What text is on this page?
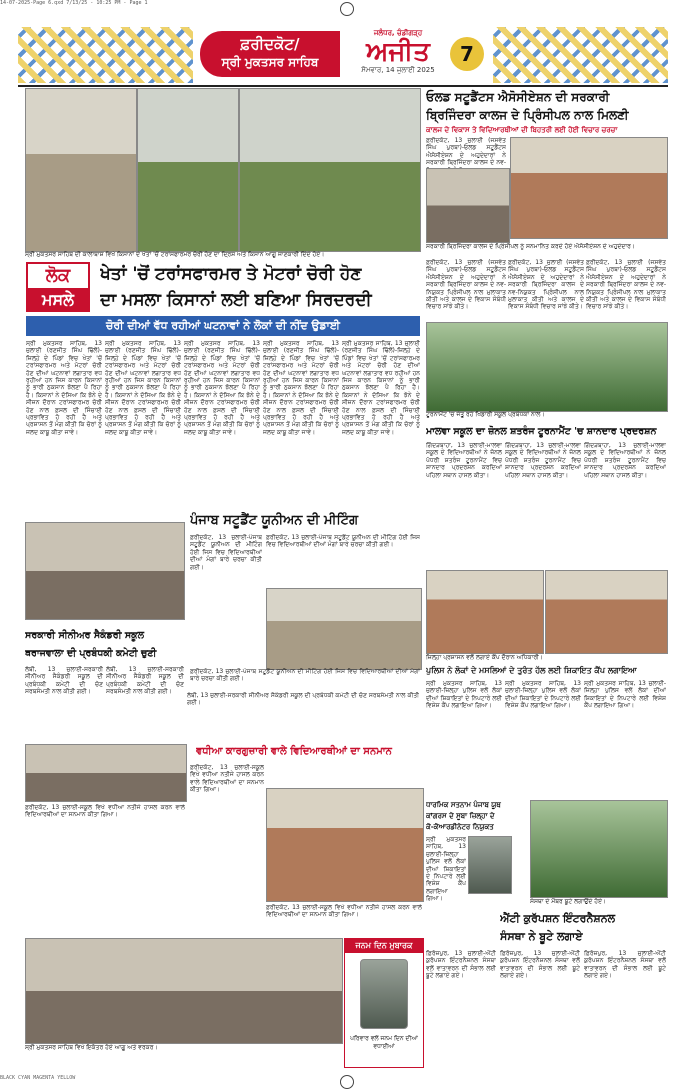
14-07-2025-Page 6.qxd 7/13/25 - 10:25 PM - Page 1
ਫ਼ਰੀਦਕੋਟ/
ਸ੍ਰੀ ਮੁਕਤਸਰ ਸਾਹਿਬ
ਜਲੰਧਰ, ਚੰਡੀਗੜ੍ਹ
ਅਜੀਤ
ਸੋਮਵਾਰ, 14 ਜੁਲਾਈ 2025
7
ਸ੍ਰੀ ਮੁਕਤਸਰ ਸਾਹਿਬ ਦੀ ਕਾਲਾਬਾਸ਼ ਵਿਖੇ ਕਿਸਾਨਾਂ ਦੇ ਖੇਤਾਂ 'ਚੋਂ ਟਰਾਂਸਫਾਰਮਰ ਚੋਰੀ ਹੋਣ ਦਾ ਦ੍ਰਿਸ਼ ਅਤੇ ਕਿਸਾਨ ਆਗੂ ਜਾਣਕਾਰੀ ਦਿੰਦੇ ਹੋਏ।
ਲੋਕ
ਮਸਲੇ
ਖੇਤਾਂ 'ਚੋਂ ਟਰਾਂਸਫਾਰਮਰ ਤੇ ਮੋਟਰਾਂ ਚੋਰੀ ਹੋਣ
ਦਾ ਮਸਲਾ ਕਿਸਾਨਾਂ ਲਈ ਬਣਿਆ ਸਿਰਦਰਦੀ
ਚੋਰੀ ਦੀਆਂ ਵੱਧ ਰਹੀਆਂ ਘਟਨਾਵਾਂ ਨੇ ਲੋਕਾਂ ਦੀ ਨੀਂਦ ਉਡਾਈ
ਸ੍ਰੀ ਮੁਕਤਸਰ ਸਾਹਿਬ, 13 ਜੁਲਾਈ (ਰਣਜੀਤ ਸਿੰਘ ਢਿੱਲੋਂ)-ਜ਼ਿਲ੍ਹੇ ਦੇ ਪਿੰਡਾਂ ਵਿਚ ਖੇਤਾਂ 'ਚੋਂ ਟਰਾਂਸਫਾਰਮਰ ਅਤੇ ਮੋਟਰਾਂ ਚੋਰੀ ਹੋਣ ਦੀਆਂ ਘਟਨਾਵਾਂ ਲਗਾਤਾਰ ਵਧ ਰਹੀਆਂ ਹਨ ਜਿਸ ਕਾਰਨ ਕਿਸਾਨਾਂ ਨੂੰ ਭਾਰੀ ਨੁਕਸਾਨ ਝੱਲਣਾ ਪੈ ਰਿਹਾ ਹੈ। ਕਿਸਾਨਾਂ ਨੇ ਦੱਸਿਆ ਕਿ ਝੋਨੇ ਦੇ ਸੀਜ਼ਨ ਦੌਰਾਨ ਟਰਾਂਸਫਾਰਮਰ ਚੋਰੀ ਹੋਣ ਨਾਲ ਫ਼ਸਲ ਦੀ ਸਿੰਚਾਈ ਪ੍ਰਭਾਵਿਤ ਹੋ ਰਹੀ ਹੈ ਅਤੇ ਪ੍ਰਸ਼ਾਸਨ ਤੋਂ ਮੰਗ ਕੀਤੀ ਕਿ ਚੋਰਾਂ ਨੂੰ ਜਲਦ ਕਾਬੂ ਕੀਤਾ ਜਾਵੇ।
ਸ੍ਰੀ ਮੁਕਤਸਰ ਸਾਹਿਬ, 13 ਜੁਲਾਈ (ਰਣਜੀਤ ਸਿੰਘ ਢਿੱਲੋਂ)-ਜ਼ਿਲ੍ਹੇ ਦੇ ਪਿੰਡਾਂ ਵਿਚ ਖੇਤਾਂ 'ਚੋਂ ਟਰਾਂਸਫਾਰਮਰ ਅਤੇ ਮੋਟਰਾਂ ਚੋਰੀ ਹੋਣ ਦੀਆਂ ਘਟਨਾਵਾਂ ਲਗਾਤਾਰ ਵਧ ਰਹੀਆਂ ਹਨ ਜਿਸ ਕਾਰਨ ਕਿਸਾਨਾਂ ਨੂੰ ਭਾਰੀ ਨੁਕਸਾਨ ਝੱਲਣਾ ਪੈ ਰਿਹਾ ਹੈ। ਕਿਸਾਨਾਂ ਨੇ ਦੱਸਿਆ ਕਿ ਝੋਨੇ ਦੇ ਸੀਜ਼ਨ ਦੌਰਾਨ ਟਰਾਂਸਫਾਰਮਰ ਚੋਰੀ ਹੋਣ ਨਾਲ ਫ਼ਸਲ ਦੀ ਸਿੰਚਾਈ ਪ੍ਰਭਾਵਿਤ ਹੋ ਰਹੀ ਹੈ ਅਤੇ ਪ੍ਰਸ਼ਾਸਨ ਤੋਂ ਮੰਗ ਕੀਤੀ ਕਿ ਚੋਰਾਂ ਨੂੰ ਜਲਦ ਕਾਬੂ ਕੀਤਾ ਜਾਵੇ।
ਸ੍ਰੀ ਮੁਕਤਸਰ ਸਾਹਿਬ, 13 ਜੁਲਾਈ (ਰਣਜੀਤ ਸਿੰਘ ਢਿੱਲੋਂ)-ਜ਼ਿਲ੍ਹੇ ਦੇ ਪਿੰਡਾਂ ਵਿਚ ਖੇਤਾਂ 'ਚੋਂ ਟਰਾਂਸਫਾਰਮਰ ਅਤੇ ਮੋਟਰਾਂ ਚੋਰੀ ਹੋਣ ਦੀਆਂ ਘਟਨਾਵਾਂ ਲਗਾਤਾਰ ਵਧ ਰਹੀਆਂ ਹਨ ਜਿਸ ਕਾਰਨ ਕਿਸਾਨਾਂ ਨੂੰ ਭਾਰੀ ਨੁਕਸਾਨ ਝੱਲਣਾ ਪੈ ਰਿਹਾ ਹੈ। ਕਿਸਾਨਾਂ ਨੇ ਦੱਸਿਆ ਕਿ ਝੋਨੇ ਦੇ ਸੀਜ਼ਨ ਦੌਰਾਨ ਟਰਾਂਸਫਾਰਮਰ ਚੋਰੀ ਹੋਣ ਨਾਲ ਫ਼ਸਲ ਦੀ ਸਿੰਚਾਈ ਪ੍ਰਭਾਵਿਤ ਹੋ ਰਹੀ ਹੈ ਅਤੇ ਪ੍ਰਸ਼ਾਸਨ ਤੋਂ ਮੰਗ ਕੀਤੀ ਕਿ ਚੋਰਾਂ ਨੂੰ ਜਲਦ ਕਾਬੂ ਕੀਤਾ ਜਾਵੇ।
ਸ੍ਰੀ ਮੁਕਤਸਰ ਸਾਹਿਬ, 13 ਜੁਲਾਈ (ਰਣਜੀਤ ਸਿੰਘ ਢਿੱਲੋਂ)-ਜ਼ਿਲ੍ਹੇ ਦੇ ਪਿੰਡਾਂ ਵਿਚ ਖੇਤਾਂ 'ਚੋਂ ਟਰਾਂਸਫਾਰਮਰ ਅਤੇ ਮੋਟਰਾਂ ਚੋਰੀ ਹੋਣ ਦੀਆਂ ਘਟਨਾਵਾਂ ਲਗਾਤਾਰ ਵਧ ਰਹੀਆਂ ਹਨ ਜਿਸ ਕਾਰਨ ਕਿਸਾਨਾਂ ਨੂੰ ਭਾਰੀ ਨੁਕਸਾਨ ਝੱਲਣਾ ਪੈ ਰਿਹਾ ਹੈ। ਕਿਸਾਨਾਂ ਨੇ ਦੱਸਿਆ ਕਿ ਝੋਨੇ ਦੇ ਸੀਜ਼ਨ ਦੌਰਾਨ ਟਰਾਂਸਫਾਰਮਰ ਚੋਰੀ ਹੋਣ ਨਾਲ ਫ਼ਸਲ ਦੀ ਸਿੰਚਾਈ ਪ੍ਰਭਾਵਿਤ ਹੋ ਰਹੀ ਹੈ ਅਤੇ ਪ੍ਰਸ਼ਾਸਨ ਤੋਂ ਮੰਗ ਕੀਤੀ ਕਿ ਚੋਰਾਂ ਨੂੰ ਜਲਦ ਕਾਬੂ ਕੀਤਾ ਜਾਵੇ।
ਸ੍ਰੀ ਮੁਕਤਸਰ ਸਾਹਿਬ, 13 ਜੁਲਾਈ (ਰਣਜੀਤ ਸਿੰਘ ਢਿੱਲੋਂ)-ਜ਼ਿਲ੍ਹੇ ਦੇ ਪਿੰਡਾਂ ਵਿਚ ਖੇਤਾਂ 'ਚੋਂ ਟਰਾਂਸਫਾਰਮਰ ਅਤੇ ਮੋਟਰਾਂ ਚੋਰੀ ਹੋਣ ਦੀਆਂ ਘਟਨਾਵਾਂ ਲਗਾਤਾਰ ਵਧ ਰਹੀਆਂ ਹਨ ਜਿਸ ਕਾਰਨ ਕਿਸਾਨਾਂ ਨੂੰ ਭਾਰੀ ਨੁਕਸਾਨ ਝੱਲਣਾ ਪੈ ਰਿਹਾ ਹੈ। ਕਿਸਾਨਾਂ ਨੇ ਦੱਸਿਆ ਕਿ ਝੋਨੇ ਦੇ ਸੀਜ਼ਨ ਦੌਰਾਨ ਟਰਾਂਸਫਾਰਮਰ ਚੋਰੀ ਹੋਣ ਨਾਲ ਫ਼ਸਲ ਦੀ ਸਿੰਚਾਈ ਪ੍ਰਭਾਵਿਤ ਹੋ ਰਹੀ ਹੈ ਅਤੇ ਪ੍ਰਸ਼ਾਸਨ ਤੋਂ ਮੰਗ ਕੀਤੀ ਕਿ ਚੋਰਾਂ ਨੂੰ ਜਲਦ ਕਾਬੂ ਕੀਤਾ ਜਾਵੇ।
ਓਲਡ ਸਟੂਡੈਂਟਸ ਐਸੋਸੀਏਸ਼ਨ ਦੀ ਸਰਕਾਰੀ
ਬ੍ਰਿਜਿੰਦਰਾ ਕਾਲਜ ਦੇ ਪ੍ਰਿੰਸੀਪਲ ਨਾਲ ਮਿਲਣੀ
ਕਾਲਜ ਦੇ ਵਿਕਾਸ ਤੇ ਵਿਦਿਆਰਥੀਆਂ ਦੀ ਬਿਹਤਰੀ ਲਈ ਹੋਈ ਵਿਚਾਰ ਚਰਚਾ
ਫ਼ਰੀਦਕੋਟ, 13 ਜੁਲਾਈ (ਜਸਵੰਤ ਸਿੰਘ ਪੁਰਬਾ)-ਓਲਡ ਸਟੂਡੈਂਟਸ ਐਸੋਸੀਏਸ਼ਨ ਦੇ ਅਹੁਦੇਦਾਰਾਂ ਨੇ ਸਰਕਾਰੀ ਬ੍ਰਿਜਿੰਦਰਾ ਕਾਲਜ ਦੇ ਨਵ-
ਸਰਕਾਰੀ ਬ੍ਰਿਜਿੰਦਰਾ ਕਾਲਜ ਦੇ ਪ੍ਰਿੰਸੀਪਲ ਨੂੰ ਸਨਮਾਨਿਤ ਕਰਦੇ ਹੋਏ ਐਸੋਸੀਏਸ਼ਨ ਦੇ ਅਹੁਦੇਦਾਰ।
ਫ਼ਰੀਦਕੋਟ, 13 ਜੁਲਾਈ (ਜਸਵੰਤ ਸਿੰਘ ਪੁਰਬਾ)-ਓਲਡ ਸਟੂਡੈਂਟਸ ਐਸੋਸੀਏਸ਼ਨ ਦੇ ਅਹੁਦੇਦਾਰਾਂ ਨੇ ਸਰਕਾਰੀ ਬ੍ਰਿਜਿੰਦਰਾ ਕਾਲਜ ਦੇ ਨਵ-ਨਿਯੁਕਤ ਪ੍ਰਿੰਸੀਪਲ ਨਾਲ ਮੁਲਾਕਾਤ ਕੀਤੀ ਅਤੇ ਕਾਲਜ ਦੇ ਵਿਕਾਸ ਸੰਬੰਧੀ ਵਿਚਾਰ ਸਾਂਝੇ ਕੀਤੇ।
ਫ਼ਰੀਦਕੋਟ, 13 ਜੁਲਾਈ (ਜਸਵੰਤ ਸਿੰਘ ਪੁਰਬਾ)-ਓਲਡ ਸਟੂਡੈਂਟਸ ਐਸੋਸੀਏਸ਼ਨ ਦੇ ਅਹੁਦੇਦਾਰਾਂ ਨੇ ਸਰਕਾਰੀ ਬ੍ਰਿਜਿੰਦਰਾ ਕਾਲਜ ਦੇ ਨਵ-ਨਿਯੁਕਤ ਪ੍ਰਿੰਸੀਪਲ ਨਾਲ ਮੁਲਾਕਾਤ ਕੀਤੀ ਅਤੇ ਕਾਲਜ ਦੇ ਵਿਕਾਸ ਸੰਬੰਧੀ ਵਿਚਾਰ ਸਾਂਝੇ ਕੀਤੇ।
ਫ਼ਰੀਦਕੋਟ, 13 ਜੁਲਾਈ (ਜਸਵੰਤ ਸਿੰਘ ਪੁਰਬਾ)-ਓਲਡ ਸਟੂਡੈਂਟਸ ਐਸੋਸੀਏਸ਼ਨ ਦੇ ਅਹੁਦੇਦਾਰਾਂ ਨੇ ਸਰਕਾਰੀ ਬ੍ਰਿਜਿੰਦਰਾ ਕਾਲਜ ਦੇ ਨਵ-ਨਿਯੁਕਤ ਪ੍ਰਿੰਸੀਪਲ ਨਾਲ ਮੁਲਾਕਾਤ ਕੀਤੀ ਅਤੇ ਕਾਲਜ ਦੇ ਵਿਕਾਸ ਸੰਬੰਧੀ ਵਿਚਾਰ ਸਾਂਝੇ ਕੀਤੇ।
ਟੂਰਨਾਮੈਂਟ 'ਚ ਜੇਤੂ ਰਹੇ ਖਿਡਾਰੀ ਸਕੂਲ ਪ੍ਰਬੰਧਕਾਂ ਨਾਲ।
ਮਾਲਵਾ ਸਕੂਲ ਦਾ ਜ਼ੋਨਲ ਸ਼ਤਰੰਜ ਟੂਰਨਾਮੈਂਟ 'ਚ ਸ਼ਾਨਦਾਰ ਪ੍ਰਦਰਸ਼ਨ
ਗਿੱਦੜਬਾਹਾ, 13 ਜੁਲਾਈ-ਮਾਲਵਾ ਸਕੂਲ ਦੇ ਵਿਦਿਆਰਥੀਆਂ ਨੇ ਜ਼ੋਨਲ ਪੱਧਰੀ ਸ਼ਤਰੰਜ ਟੂਰਨਾਮੈਂਟ ਵਿਚ ਸ਼ਾਨਦਾਰ ਪ੍ਰਦਰਸ਼ਨ ਕਰਦਿਆਂ ਪਹਿਲਾ ਸਥਾਨ ਹਾਸਲ ਕੀਤਾ।
ਗਿੱਦੜਬਾਹਾ, 13 ਜੁਲਾਈ-ਮਾਲਵਾ ਸਕੂਲ ਦੇ ਵਿਦਿਆਰਥੀਆਂ ਨੇ ਜ਼ੋਨਲ ਪੱਧਰੀ ਸ਼ਤਰੰਜ ਟੂਰਨਾਮੈਂਟ ਵਿਚ ਸ਼ਾਨਦਾਰ ਪ੍ਰਦਰਸ਼ਨ ਕਰਦਿਆਂ ਪਹਿਲਾ ਸਥਾਨ ਹਾਸਲ ਕੀਤਾ।
ਗਿੱਦੜਬਾਹਾ, 13 ਜੁਲਾਈ-ਮਾਲਵਾ ਸਕੂਲ ਦੇ ਵਿਦਿਆਰਥੀਆਂ ਨੇ ਜ਼ੋਨਲ ਪੱਧਰੀ ਸ਼ਤਰੰਜ ਟੂਰਨਾਮੈਂਟ ਵਿਚ ਸ਼ਾਨਦਾਰ ਪ੍ਰਦਰਸ਼ਨ ਕਰਦਿਆਂ ਪਹਿਲਾ ਸਥਾਨ ਹਾਸਲ ਕੀਤਾ।
ਪੰਜਾਬ ਸਟੂਡੈਂਟ ਯੂਨੀਅਨ ਦੀ ਮੀਟਿੰਗ
ਫ਼ਰੀਦਕੋਟ, 13 ਜੁਲਾਈ-ਪੰਜਾਬ ਸਟੂਡੈਂਟ ਯੂਨੀਅਨ ਦੀ ਮੀਟਿੰਗ ਹੋਈ ਜਿਸ ਵਿਚ ਵਿਦਿਆਰਥੀਆਂ ਦੀਆਂ ਮੰਗਾਂ ਬਾਰੇ ਚਰਚਾ ਕੀਤੀ ਗਈ।
ਫ਼ਰੀਦਕੋਟ, 13 ਜੁਲਾਈ-ਪੰਜਾਬ ਸਟੂਡੈਂਟ ਯੂਨੀਅਨ ਦੀ ਮੀਟਿੰਗ ਹੋਈ ਜਿਸ ਵਿਚ ਵਿਦਿਆਰਥੀਆਂ ਦੀਆਂ ਮੰਗਾਂ ਬਾਰੇ ਚਰਚਾ ਕੀਤੀ ਗਈ।
ਫ਼ਰੀਦਕੋਟ, 13 ਜੁਲਾਈ-ਪੰਜਾਬ ਸਟੂਡੈਂਟ ਯੂਨੀਅਨ ਦੀ ਮੀਟਿੰਗ ਹੋਈ ਜਿਸ ਵਿਚ ਵਿਦਿਆਰਥੀਆਂ ਦੀਆਂ ਮੰਗਾਂ ਬਾਰੇ ਚਰਚਾ ਕੀਤੀ ਗਈ।
ਸਰਕਾਰੀ ਸੀਨੀਅਰ ਸੈਕੰਡਰੀ ਸਕੂਲ
ਥਰਾਜਵਾਲਾ ਦੀ ਪ੍ਰਬੰਧਕੀ ਕਮੇਟੀ ਚੁਣੀ
ਲੰਬੀ, 13 ਜੁਲਾਈ-ਸਰਕਾਰੀ ਸੀਨੀਅਰ ਸੈਕੰਡਰੀ ਸਕੂਲ ਦੀ ਪ੍ਰਬੰਧਕੀ ਕਮੇਟੀ ਦੀ ਚੋਣ ਸਰਬਸੰਮਤੀ ਨਾਲ ਕੀਤੀ ਗਈ।
ਲੰਬੀ, 13 ਜੁਲਾਈ-ਸਰਕਾਰੀ ਸੀਨੀਅਰ ਸੈਕੰਡਰੀ ਸਕੂਲ ਦੀ ਪ੍ਰਬੰਧਕੀ ਕਮੇਟੀ ਦੀ ਚੋਣ ਸਰਬਸੰਮਤੀ ਨਾਲ ਕੀਤੀ ਗਈ।
ਲੰਬੀ, 13 ਜੁਲਾਈ-ਸਰਕਾਰੀ ਸੀਨੀਅਰ ਸੈਕੰਡਰੀ ਸਕੂਲ ਦੀ ਪ੍ਰਬੰਧਕੀ ਕਮੇਟੀ ਦੀ ਚੋਣ ਸਰਬਸੰਮਤੀ ਨਾਲ ਕੀਤੀ ਗਈ।
ਵਧੀਆ ਕਾਰਗੁਜ਼ਾਰੀ ਵਾਲੇ ਵਿਦਿਆਰਥੀਆਂ ਦਾ ਸਨਮਾਨ
ਫ਼ਰੀਦਕੋਟ, 13 ਜੁਲਾਈ-ਸਕੂਲ ਵਿਖੇ ਵਧੀਆ ਨਤੀਜੇ ਹਾਸਲ ਕਰਨ ਵਾਲੇ ਵਿਦਿਆਰਥੀਆਂ ਦਾ ਸਨਮਾਨ ਕੀਤਾ ਗਿਆ।
ਫ਼ਰੀਦਕੋਟ, 13 ਜੁਲਾਈ-ਸਕੂਲ ਵਿਖੇ ਵਧੀਆ ਨਤੀਜੇ ਹਾਸਲ ਕਰਨ ਵਾਲੇ ਵਿਦਿਆਰਥੀਆਂ ਦਾ ਸਨਮਾਨ ਕੀਤਾ ਗਿਆ।
ਫ਼ਰੀਦਕੋਟ, 13 ਜੁਲਾਈ-ਸਕੂਲ ਵਿਖੇ ਵਧੀਆ ਨਤੀਜੇ ਹਾਸਲ ਕਰਨ ਵਾਲੇ ਵਿਦਿਆਰਥੀਆਂ ਦਾ ਸਨਮਾਨ ਕੀਤਾ ਗਿਆ।
ਜ਼ਿਲ੍ਹਾ ਪ੍ਰਸ਼ਾਸਨ ਵਲੋਂ ਲਗਾਏ ਕੈਂਪ ਦੌਰਾਨ ਅਧਿਕਾਰੀ।
ਪੁਲਿਸ ਨੇ ਲੋਕਾਂ ਦੇ ਮਸਲਿਆਂ ਦੇ ਤੁਰੰਤ ਹੱਲ ਲਈ ਸ਼ਿਕਾਇਤ ਕੈਂਪ ਲਗਾਇਆ
ਸ੍ਰੀ ਮੁਕਤਸਰ ਸਾਹਿਬ, 13 ਜੁਲਾਈ-ਜ਼ਿਲ੍ਹਾ ਪੁਲਿਸ ਵਲੋਂ ਲੋਕਾਂ ਦੀਆਂ ਸ਼ਿਕਾਇਤਾਂ ਦੇ ਨਿਪਟਾਰੇ ਲਈ ਵਿਸ਼ੇਸ਼ ਕੈਂਪ ਲਗਾਇਆ ਗਿਆ।
ਸ੍ਰੀ ਮੁਕਤਸਰ ਸਾਹਿਬ, 13 ਜੁਲਾਈ-ਜ਼ਿਲ੍ਹਾ ਪੁਲਿਸ ਵਲੋਂ ਲੋਕਾਂ ਦੀਆਂ ਸ਼ਿਕਾਇਤਾਂ ਦੇ ਨਿਪਟਾਰੇ ਲਈ ਵਿਸ਼ੇਸ਼ ਕੈਂਪ ਲਗਾਇਆ ਗਿਆ।
ਸ੍ਰੀ ਮੁਕਤਸਰ ਸਾਹਿਬ, 13 ਜੁਲਾਈ-ਜ਼ਿਲ੍ਹਾ ਪੁਲਿਸ ਵਲੋਂ ਲੋਕਾਂ ਦੀਆਂ ਸ਼ਿਕਾਇਤਾਂ ਦੇ ਨਿਪਟਾਰੇ ਲਈ ਵਿਸ਼ੇਸ਼ ਕੈਂਪ ਲਗਾਇਆ ਗਿਆ।
ਧਾਰਮਿਕ ਸਤਨਾਮ ਪੰਜਾਬ ਯੂਥ
ਕਾਂਗਰਸ ਦੇ ਸੂਬਾ ਜ਼ਿਲ੍ਹਾ ਦੇ
ਕੋ-ਕੋਆਰਡੀਨੇਟਰ ਨਿਯੁਕਤ
ਸ੍ਰੀ ਮੁਕਤਸਰ ਸਾਹਿਬ, 13 ਜੁਲਾਈ-ਜ਼ਿਲ੍ਹਾ ਪੁਲਿਸ ਵਲੋਂ ਲੋਕਾਂ ਦੀਆਂ ਸ਼ਿਕਾਇਤਾਂ ਦੇ ਨਿਪਟਾਰੇ ਲਈ ਵਿਸ਼ੇਸ਼ ਕੈਂਪ ਲਗਾਇਆ ਗਿਆ।	ਸੰਸਥਾ ਦੇ ਮੈਂਬਰ ਬੂਟੇ ਲਗਾਉਂਦੇ ਹੋਏ।
ਐਂਟੀ ਕੁਰੱਪਸ਼ਨ ਇੰਟਰਨੈਸ਼ਨਲ
ਸੰਸਥਾ ਨੇ ਬੂਟੇ ਲਗਾਏ
ਫ਼ਿਰੋਜ਼ਪੁਰ, 13 ਜੁਲਾਈ-ਐਂਟੀ ਕੁਰੱਪਸ਼ਨ ਇੰਟਰਨੈਸ਼ਨਲ ਸੰਸਥਾ ਵਲੋਂ ਵਾਤਾਵਰਨ ਦੀ ਸੰਭਾਲ ਲਈ ਬੂਟੇ ਲਗਾਏ ਗਏ।
ਫ਼ਿਰੋਜ਼ਪੁਰ, 13 ਜੁਲਾਈ-ਐਂਟੀ ਕੁਰੱਪਸ਼ਨ ਇੰਟਰਨੈਸ਼ਨਲ ਸੰਸਥਾ ਵਲੋਂ ਵਾਤਾਵਰਨ ਦੀ ਸੰਭਾਲ ਲਈ ਬੂਟੇ ਲਗਾਏ ਗਏ।
ਸ੍ਰੀ ਮੁਕਤਸਰ ਸਾਹਿਬ ਵਿਖੇ ਇਕੱਤਰ ਹੋਏ ਆਗੂ ਅਤੇ ਵਰਕਰ।
ਜਨਮ ਦਿਨ ਮੁਬਾਰਕ
ਪਰਿਵਾਰ ਵਲੋਂ ਜਨਮ ਦਿਨ ਦੀਆਂ ਵਧਾਈਆਂ
ਫ਼ਿਰੋਜ਼ਪੁਰ, 13 ਜੁਲਾਈ-ਐਂਟੀ ਕੁਰੱਪਸ਼ਨ ਇੰਟਰਨੈਸ਼ਨਲ ਸੰਸਥਾ ਵਲੋਂ ਵਾਤਾਵਰਨ ਦੀ ਸੰਭਾਲ ਲਈ ਬੂਟੇ ਲਗਾਏ ਗਏ।
BLACK CYAN MAGENTA YELLOW
